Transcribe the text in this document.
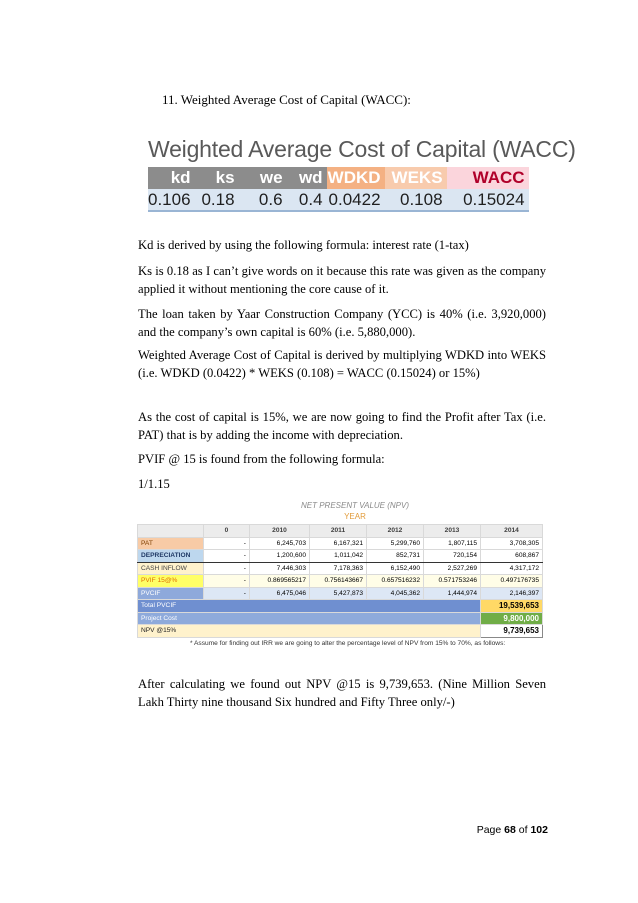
11. Weighted Average Cost of Capital (WACC):
Weighted Average Cost of Capital (WACC)
kd	ks	we	wd	WDKD	WEKS	WACC
0.106	0.18	0.6	0.4	0.0422	0.108	0.15024
Kd is derived by using the following formula: interest rate (1-tax)
Ks is 0.18 as I can’t give words on it because this rate was given as the company applied it without mentioning the core cause of it.
The loan taken by Yaar Construction Company (YCC) is 40% (i.e. 3,920,000) and the company’s own capital is 60% (i.e. 5,880,000).
Weighted Average Cost of Capital is derived by multiplying WDKD into WEKS (i.e. WDKD (0.0422) * WEKS (0.108) = WACC (0.15024) or 15%)
As the cost of capital is 15%, we are now going to find the Profit after Tax (i.e. PAT) that is by adding the income with depreciation.
PVIF @ 15 is found from the following formula:
1/1.15
NET PRESENT VALUE (NPV)
YEAR
	0	2010	2011	2012	2013	2014
PAT	-	6,245,703	6,167,321	5,299,760	1,807,115	3,708,305
DEPRECIATION	-	1,200,600	1,011,042	852,731	720,154	608,867
CASH INFLOW	-	7,446,303	7,178,363	6,152,490	2,527,269	4,317,172
PVIF 15@%	-	0.869565217	0.756143667	0.657516232	0.571753246	0.497176735
PVCIF	-	6,475,046	5,427,873	4,045,362	1,444,974	2,146,397
Total PVCIF						19,539,653
Project Cost						9,800,000
NPV @15%						9,739,653
* Assume for finding out IRR we are going to alter the percentage level of NPV from 15% to 70%, as follows:
After calculating we found out NPV @15 is 9,739,653. (Nine Million Seven Lakh Thirty nine thousand Six hundred and Fifty Three only/-)
Page 68 of 102
